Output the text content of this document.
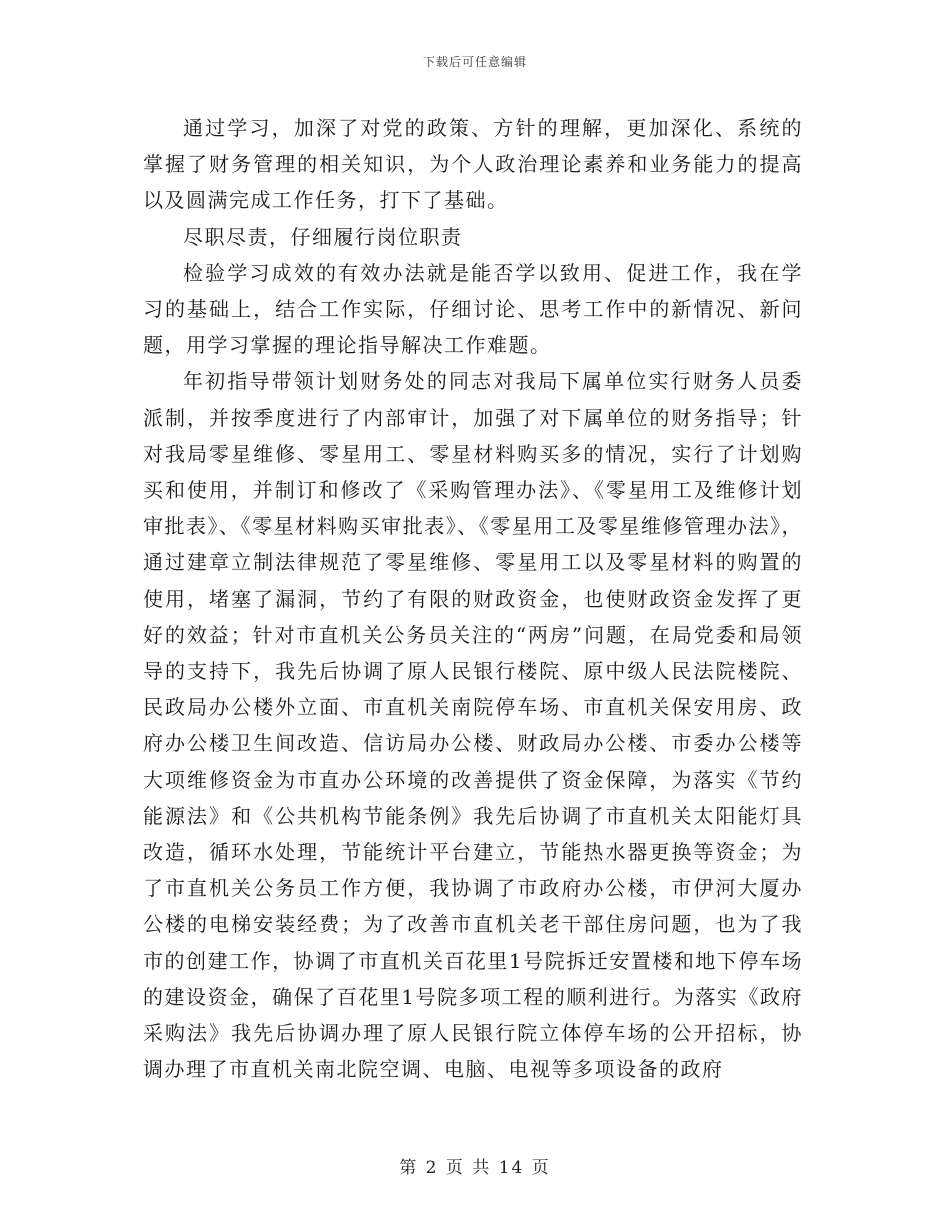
下载后可任意编辑

通过学习，加深了对党的政策、方针的理解，更加深化、系统的掌握了财务管理的相关知识，为个人政治理论素养和业务能力的提高以及圆满完成工作任务，打下了基础。

尽职尽责，仔细履行岗位职责

检验学习成效的有效办法就是能否学以致用、促进工作，我在学习的基础上，结合工作实际，仔细讨论、思考工作中的新情况、新问题，用学习掌握的理论指导解决工作难题。

年初指导带领计划财务处的同志对我局下属单位实行财务人员委派制，并按季度进行了内部审计，加强了对下属单位的财务指导；针对我局零星维修、零星用工、零星材料购买多的情况，实行了计划购买和使用，并制订和修改了《采购管理办法》、《零星用工及维修计划审批表》、《零星材料购买审批表》、《零星用工及零星维修管理办法》，通过建章立制法律规范了零星维修、零星用工以及零星材料的购置的使用，堵塞了漏洞，节约了有限的财政资金，也使财政资金发挥了更好的效益；针对市直机关公务员关注的“两房”问题，在局党委和局领导的支持下，我先后协调了原人民银行楼院、原中级人民法院楼院、民政局办公楼外立面、市直机关南院停车场、市直机关保安用房、政府办公楼卫生间改造、信访局办公楼、财政局办公楼、市委办公楼等大项维修资金为市直办公环境的改善提供了资金保障，为落实《节约能源法》和《公共机构节能条例》我先后协调了市直机关太阳能灯具改造，循环水处理，节能统计平台建立，节能热水器更换等资金；为了市直机关公务员工作方便，我协调了市政府办公楼，市伊河大厦办公楼的电梯安装经费；为了改善市直机关老干部住房问题，也为了我市的创建工作，协调了市直机关百花里1号院拆迁安置楼和地下停车场的建设资金，确保了百花里1号院多项工程的顺利进行。为落实《政府采购法》我先后协调办理了原人民银行院立体停车场的公开招标，协调办理了市直机关南北院空调、电脑、电视等多项设备的政府

第 2 页 共 14 页
